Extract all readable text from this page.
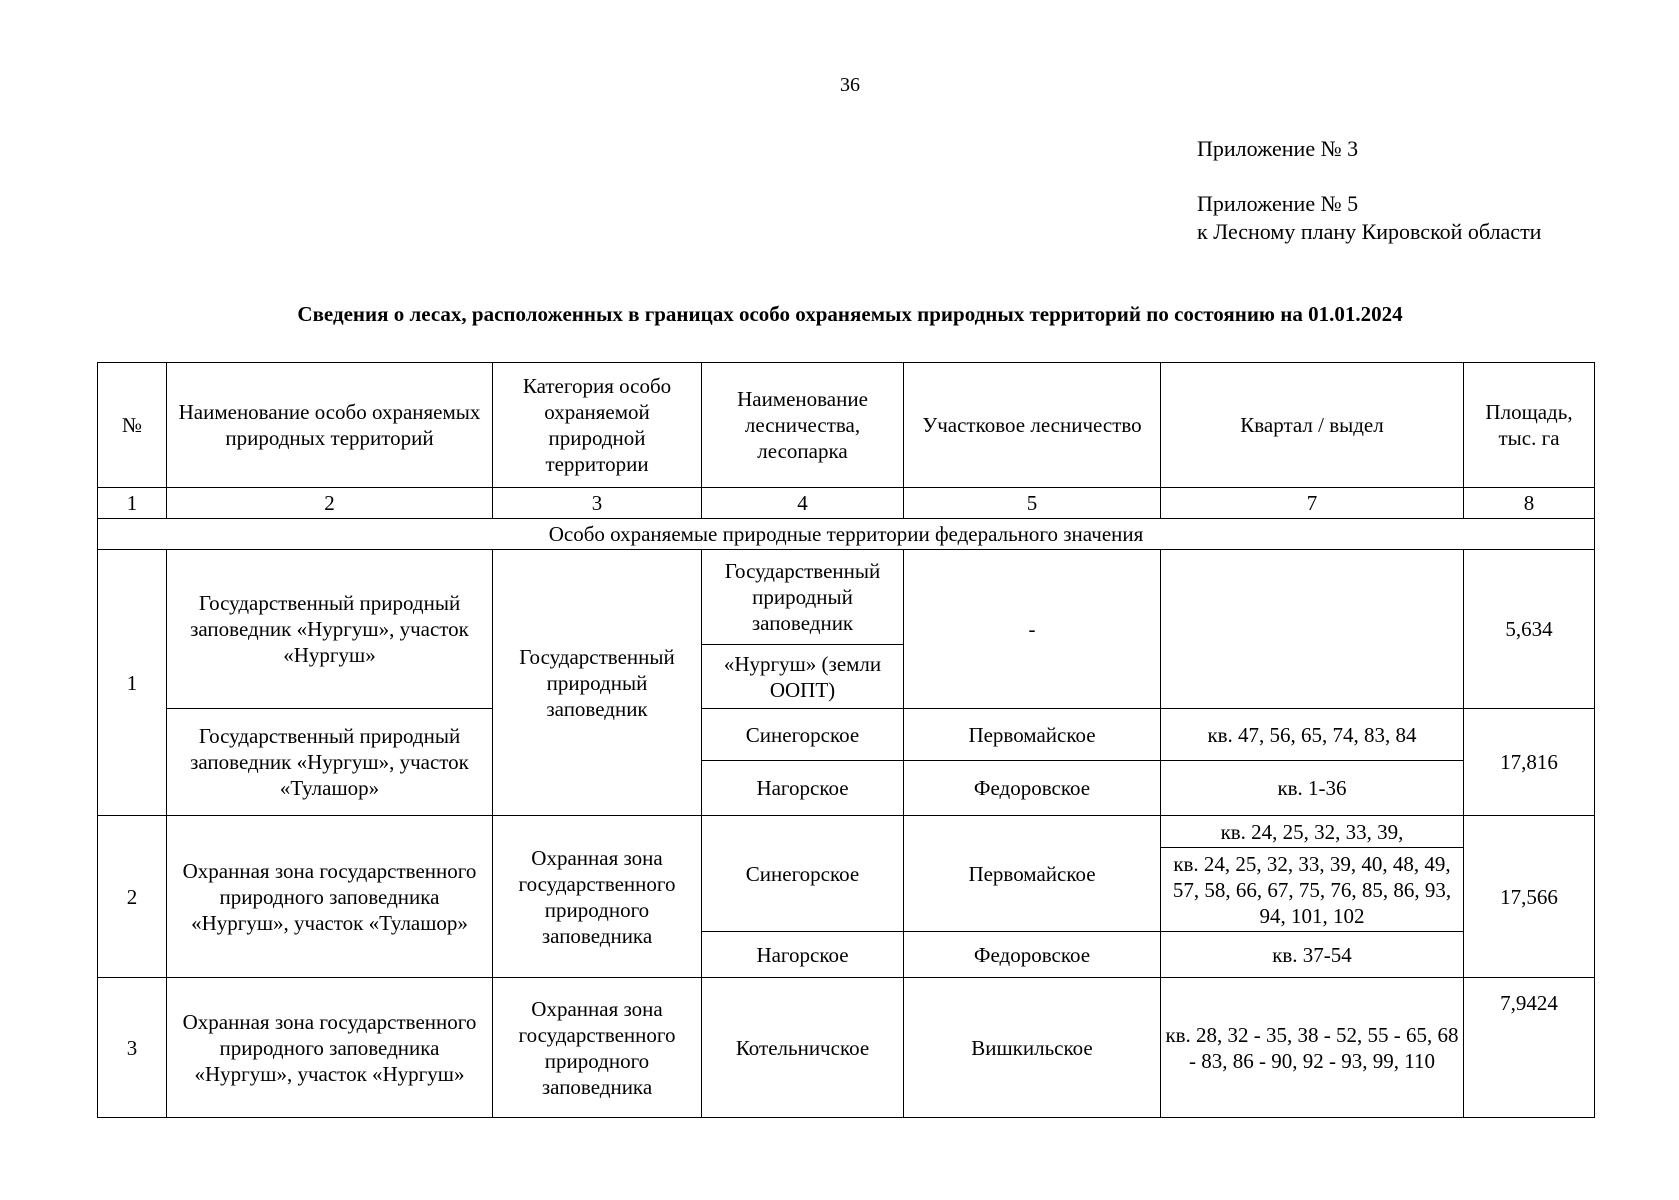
36
Приложение № 3
Приложение № 5
к Лесному плану Кировской области
Сведения о лесах, расположенных в границах особо охраняемых природных территорий по состоянию на 01.01.2024
№	Наименование особо охраняемых природных территорий	Категория особо охраняемой природной территории	Наименование лесничества, лесопарка	Участковое лесничество	Квартал / выдел	Площадь, тыс. га
1	2	3	4	5	7	8
Особо охраняемые природные территории федерального значения						
1	Государственный природный заповедник «Нургуш», участок «Нургуш»	Государственный природный заповедник	Государственный природный заповедник	-		5,634
			«Нургуш» (земли ООПТ)			
	Государственный природный заповедник «Нургуш», участок «Тулашор»		Синегорское	Первомайское	кв. 47, 56, 65, 74, 83, 84	17,816
			Нагорское	Федоровское	кв. 1-36	
2	Охранная зона государственного природного заповедника «Нургуш», участок «Тулашор»	Охранная зона государственного природного заповедника	Синегорское	Первомайское	кв. 24, 25, 32, 33, 39,	17,566
					кв. 24, 25, 32, 33, 39, 40, 48, 49, 57, 58, 66, 67, 75, 76, 85, 86, 93, 94, 101, 102	
			Нагорское	Федоровское	кв. 37-54	
3	Охранная зона государственного природного заповедника «Нургуш», участок «Нургуш»	Охранная зона государственного природного заповедника	Котельничское	Вишкильское	кв. 28, 32 - 35, 38 - 52, 55 - 65, 68 - 83, 86 - 90, 92 - 93, 99, 110	7,9424
